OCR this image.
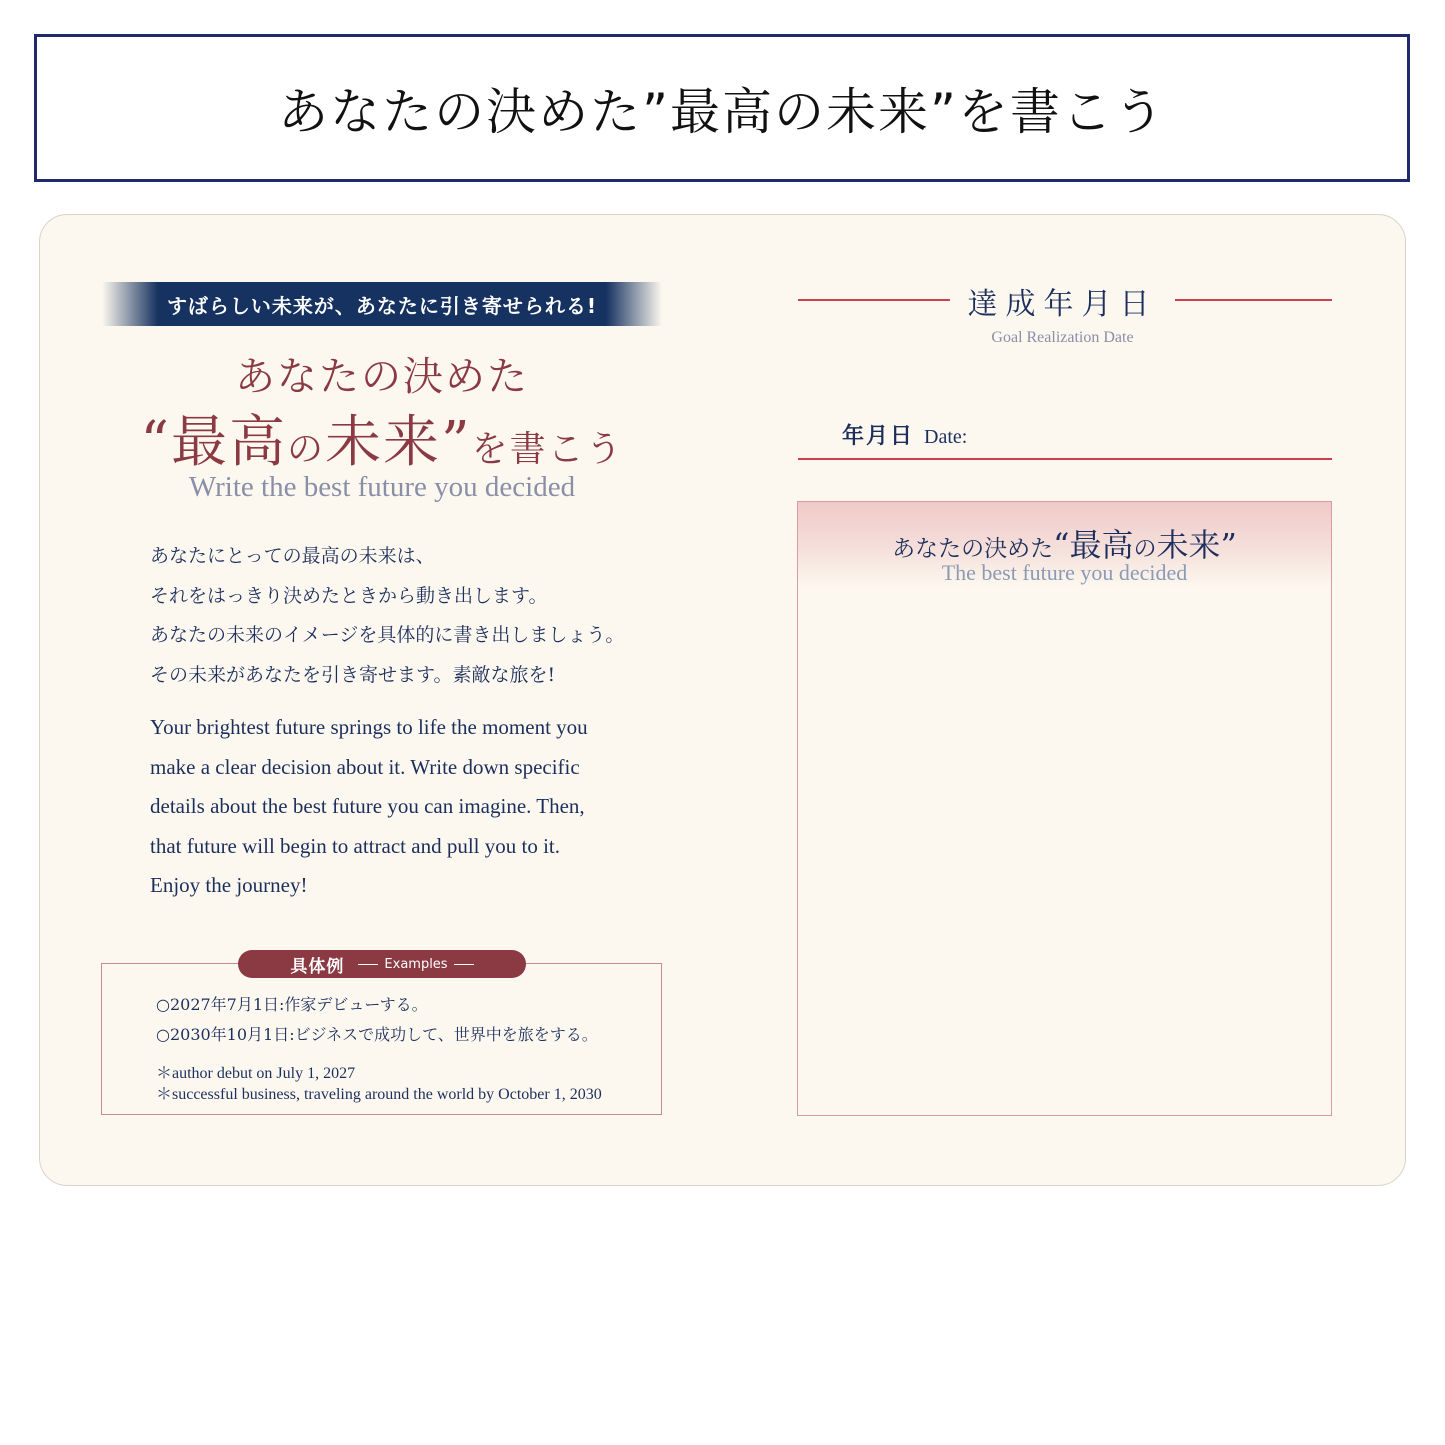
あなたの決めた”最高の未来”を書こう
すばらしい未来が、あなたに引き寄せられる!
あなたの決めた
“最高の未来”を書こう
Write the best future you decided
あなたにとっての最高の未来は、
それをはっきり決めたときから動き出します。
あなたの未来のイメージを具体的に書き出しましょう。
その未来があなたを引き寄せます。素敵な旅を!
Your brightest future springs to life the moment you
make a clear decision about it. Write down specific
details about the best future you can imagine. Then,
that future will begin to attract and pull you to it.
Enjoy the journey!
具体例	Examples
○2027年7月1日:作家デビューする。
○2030年10月1日:ビジネスで成功して、世界中を旅をする。
＊author debut on July 1, 2027
＊successful business, traveling around the world by October 1, 2030
達成年月日
Goal Realization Date
年月日 Date:
あなたの決めた“最高の未来”
The best future you decided
